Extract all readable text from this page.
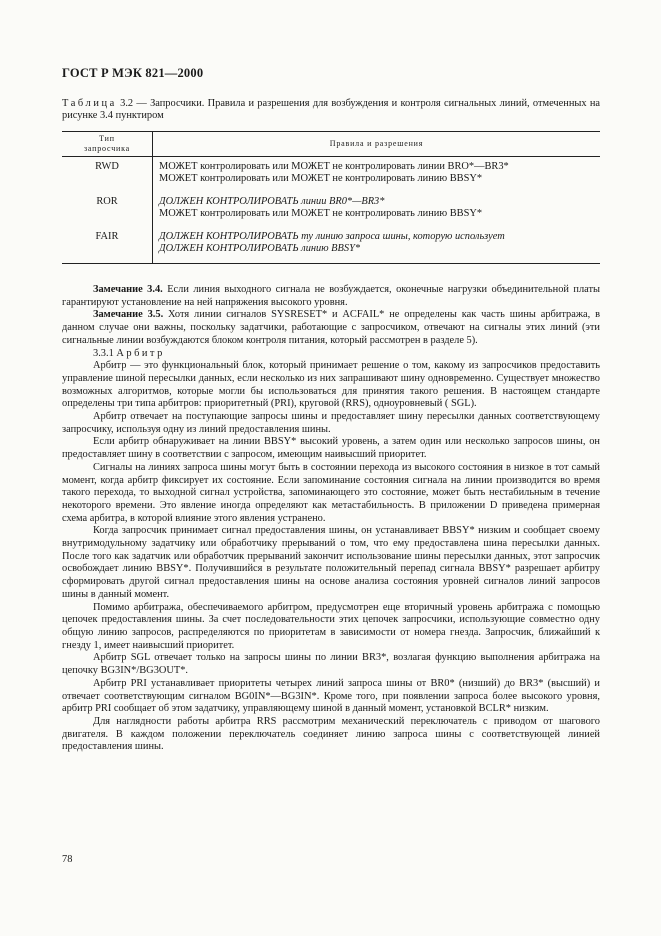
ГОСТ Р МЭК 821—2000
Таблица 3.2 — Запросчики. Правила и разрешения для возбуждения и контроля сигнальных линий, отмеченных на рисунке 3.4 пунктиром
Тип
запросчика	Правила и разрешения
RWD	МОЖЕТ контролировать или МОЖЕТ не контролировать линии BRO*—BR3*
МОЖЕТ контролировать или МОЖЕТ не контролировать линию BBSY*
ROR	ДОЛЖЕН КОНТРОЛИРОВАТЬ линии BR0*—BR3*
МОЖЕТ контролировать или МОЖЕТ не контролировать линию BBSY*
FAIR	ДОЛЖЕН КОНТРОЛИРОВАТЬ ту линию запроса шины, которую использует
ДОЛЖЕН КОНТРОЛИРОВАТЬ линию BBSY*

Замечание 3.4. Если линия выходного сигнала не возбуждается, оконечные нагрузки объединительной платы гарантируют установление на ней напряжения высокого уровня.

Замечание 3.5. Хотя линии сигналов SYSRESET* и ACFAIL* не определены как часть шины арбитража, в данном случае они важны, поскольку задатчики, работающие с запросчиком, отвечают на сигналы этих линий (эти сигнальные линии возбуждаются блоком контроля питания, который рассмотрен в разделе 5).

3.3.1 Арбитр

Арбитр — это функциональный блок, который принимает решение о том, какому из запросчиков предоставить управление шиной пересылки данных, если несколько из них запрашивают шину одновременно. Существует множество возможных алгоритмов, которые могли бы использоваться для принятия такого решения. В настоящем стандарте определены три типа арбитров: приоритетный (PRI), круговой (RRS), одноуровневый ( SGL).

Арбитр отвечает на поступающие запросы шины и предоставляет шину пересылки данных соответствующему запросчику, используя одну из линий предоставления шины.

Если арбитр обнаруживает на линии BBSY* высокий уровень, а затем один или несколько запросов шины, он предоставляет шину в соответствии с запросом, имеющим наивысший приоритет.

Сигналы на линиях запроса шины могут быть в состоянии перехода из высокого состояния в низкое в тот самый момент, когда арбитр фиксирует их состояние. Если запоминание состояния сигнала на линии производится во время такого перехода, то выходной сигнал устройства, запоминающего это состояние, может быть нестабильным в течение некоторого времени. Это явление иногда определяют как метастабильность. В приложении D приведена примерная схема арбитра, в которой влияние этого явления устранено.

Когда запросчик принимает сигнал предоставления шины, он устанавливает BBSY* низким и сообщает своему внутримодульному задатчику или обработчику прерываний о том, что ему предоставлена шина пересылки данных. После того как задатчик или обработчик прерываний закончит использование шины пересылки данных, этот запросчик освобождает линию BBSY*. Получившийся в результате положительный перепад сигнала BBSY* разрешает арбитру сформировать другой сигнал предоставления шины на основе анализа состояния уровней сигналов линий запросов шины в данный момент.

Помимо арбитража, обеспечиваемого арбитром, предусмотрен еще вторичный уровень арбитража с помощью цепочек предоставления шины. За счет последовательности этих цепочек запросчики, использующие совместно одну общую линию запросов, распределяются по приоритетам в зависимости от номера гнезда. Запросчик, ближайший к гнезду 1, имеет наивысший приоритет.

Арбитр SGL отвечает только на запросы шины по линии BR3*, возлагая функцию выполнения арбитража на цепочку BG3IN*/BG3OUT*.

Арбитр PRI устанавливает приоритеты четырех линий запроса шины от BR0* (низший) до BR3* (высший) и отвечает соответствующим сигналом BG0IN*—BG3IN*. Кроме того, при появлении запроса более высокого уровня, арбитр PRI сообщает об этом задатчику, управляющему шиной в данный момент, установкой BCLR* низким.

Для наглядности работы арбитра RRS рассмотрим механический переключатель с приводом от шагового двигателя. В каждом положении переключатель соединяет линию запроса шины с соответствующей линией предоставления шины.

78
